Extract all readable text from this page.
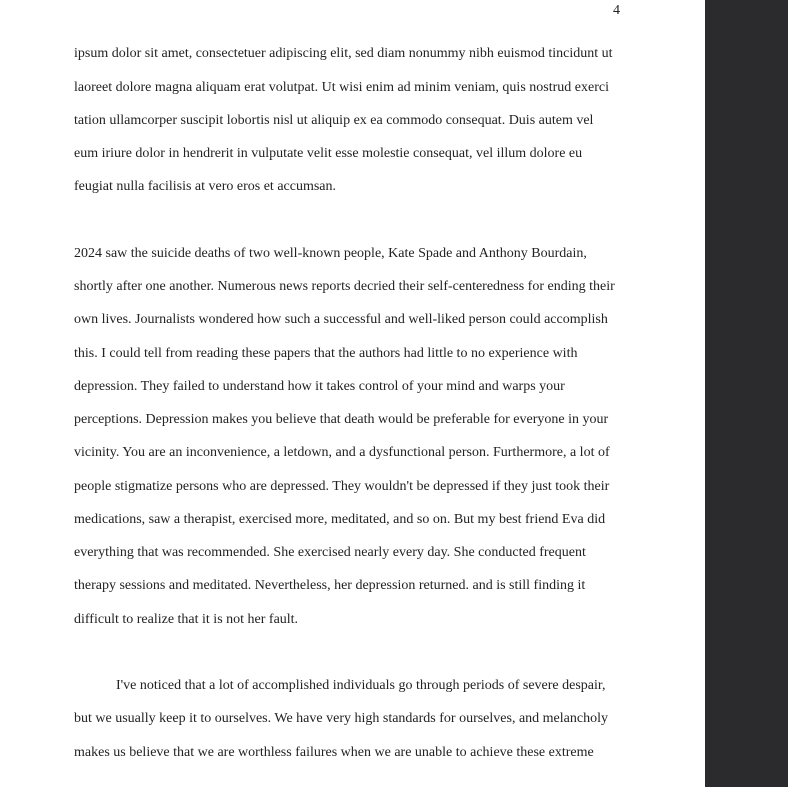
4
ipsum dolor sit amet, consectetuer adipiscing elit, sed diam nonummy nibh euismod tincidunt ut
laoreet dolore magna aliquam erat volutpat. Ut wisi enim ad minim veniam, quis nostrud exerci
tation ullamcorper suscipit lobortis nisl ut aliquip ex ea commodo consequat. Duis autem vel
eum iriure dolor in hendrerit in vulputate velit esse molestie consequat, vel illum dolore eu
feugiat nulla facilisis at vero eros et accumsan.
2024 saw the suicide deaths of two well-known people, Kate Spade and Anthony Bourdain,
shortly after one another. Numerous news reports decried their self-centeredness for ending their
own lives. Journalists wondered how such a successful and well-liked person could accomplish
this. I could tell from reading these papers that the authors had little to no experience with
depression. They failed to understand how it takes control of your mind and warps your
perceptions. Depression makes you believe that death would be preferable for everyone in your
vicinity. You are an inconvenience, a letdown, and a dysfunctional person. Furthermore, a lot of
people stigmatize persons who are depressed. They wouldn't be depressed if they just took their
medications, saw a therapist, exercised more, meditated, and so on. But my best friend Eva did
everything that was recommended. She exercised nearly every day. She conducted frequent
therapy sessions and meditated. Nevertheless, her depression returned. and is still finding it
difficult to realize that it is not her fault.
I've noticed that a lot of accomplished individuals go through periods of severe despair,
but we usually keep it to ourselves. We have very high standards for ourselves, and melancholy
makes us believe that we are worthless failures when we are unable to achieve these extreme
